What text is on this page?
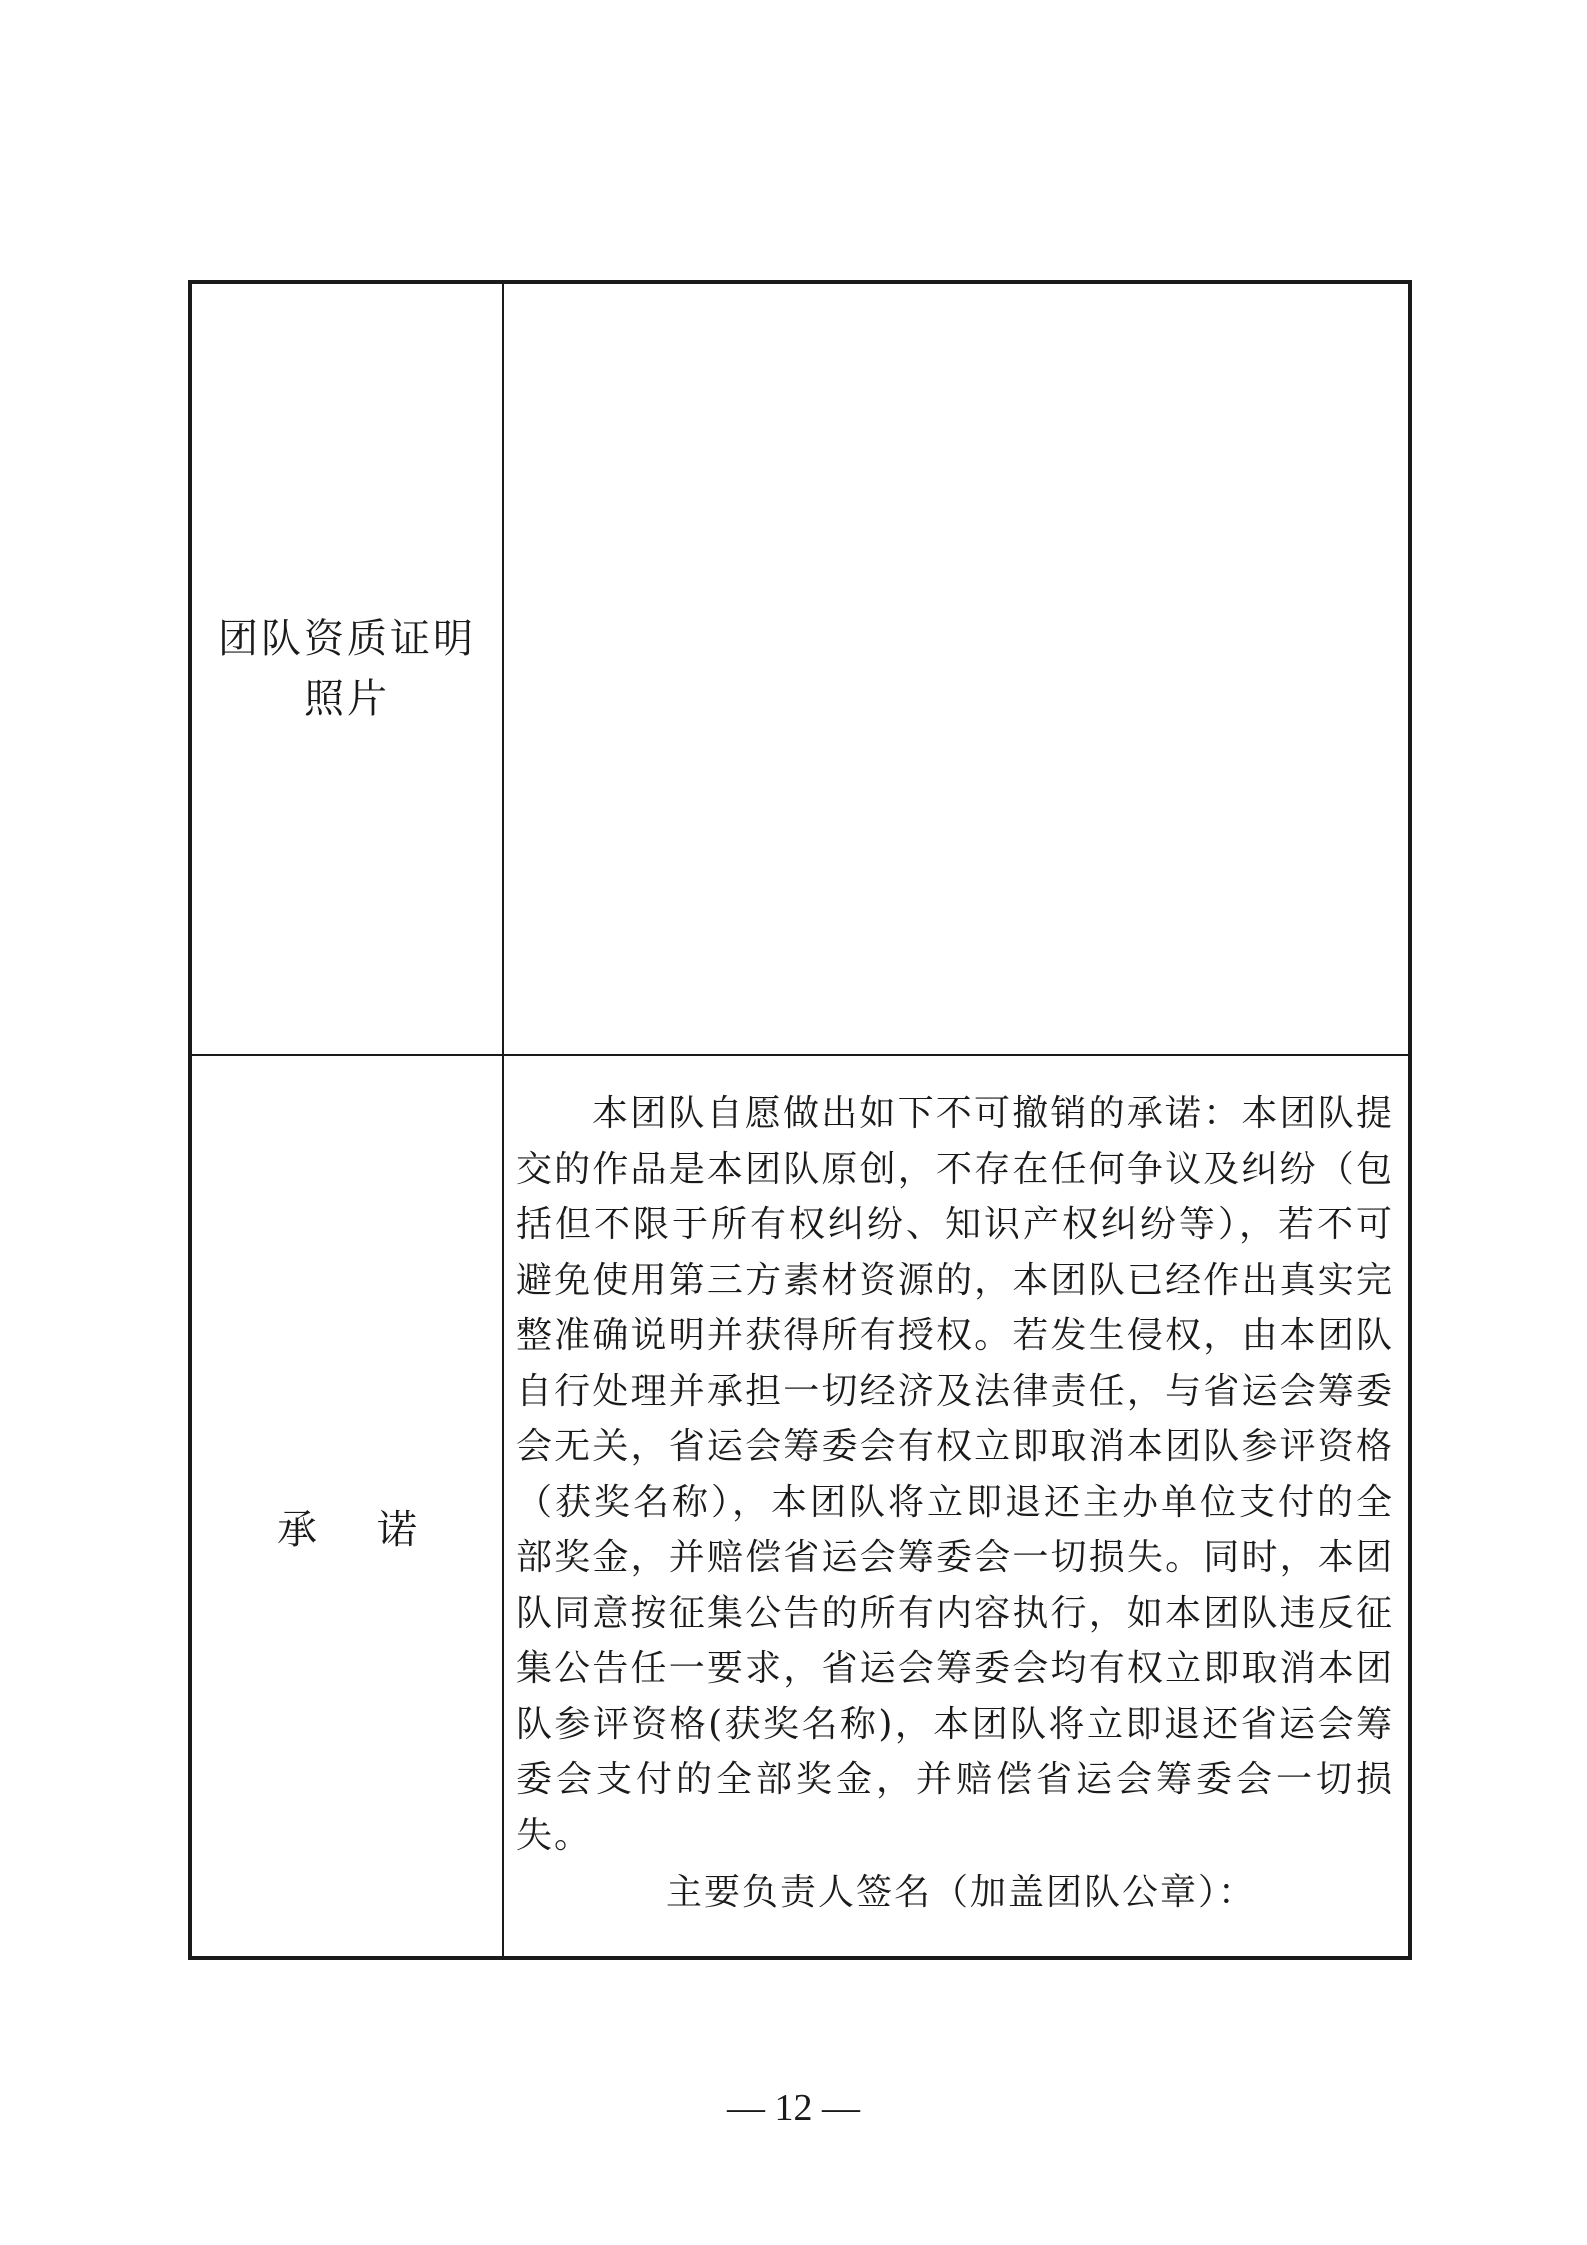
团队资质证明照片
承诺

本团队自愿做出如下不可撤销的承诺：本团队提交的作品是本团队原创，不存在任何争议及纠纷（包括但不限于所有权纠纷、知识产权纠纷等），若不可避免使用第三方素材资源的，本团队已经作出真实完整准确说明并获得所有授权。若发生侵权，由本团队自行处理并承担一切经济及法律责任，与省运会筹委会无关，省运会筹委会有权立即取消本团队参评资格（获奖名称），本团队将立即退还主办单位支付的全部奖金，并赔偿省运会筹委会一切损失。同时，本团队同意按征集公告的所有内容执行，如本团队违反征集公告任一要求，省运会筹委会均有权立即取消本团队参评资格(获奖名称)，本团队将立即退还省运会筹委会支付的全部奖金，并赔偿省运会筹委会一切损失。

主要负责人签名（加盖团队公章）：
— 12 —
